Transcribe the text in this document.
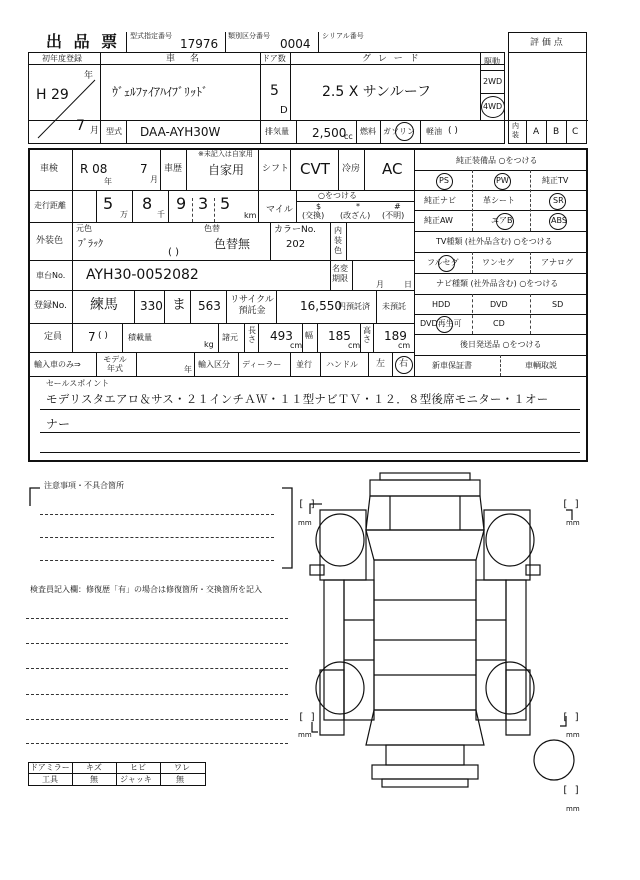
出 品 票 型式指定番号
17976
類別区分番号
0004
シリアル番号
評 価 点
初年度登録
年
H 29
7 月
車 名
ｳﾞｪﾙﾌｧｲｱﾊｲﾌﾞﾘｯﾄﾞ
ドア数
5
D
グ レ ー ド
2.5 X サンルーフ
駆動
2WD
4WD
型式 DAA-AYH30W	排気量 2,500
cc
燃料 ガソリン 軽油 ( )	内装 A B C
車検 R 08
年
7
月
車歴
※未記入は自家用
自家用 シフト CVT 冷房 AC
走行距離 5
万
8
千
9 3 5
km
マイル
○をつける
$
(交換)
*
(改ざん)
#
(不明)
外装色
元色
ﾌﾞﾗｯｸ
色替
色替無
( )
カラーNo.
202
内装色
車台No. AYH30-0052082	名変期限
月	日
登録No. 練馬 330 ま 563 リサイクル預託金	16,550
円預託済 未預託
定員 7 ( )	積載量
kg
諸元
長さ 493
cm
幅 185
cm
高さ 189
cm
輸入車のみ⇒
モデル年式	年
輸入区分 ディーラー 並行 ハンドル 左 右
純正装備品 ○をつける
PS	PW	純正TV
純正ナビ	革シート	SR
純正AW	エアB	ABS
TV種類 (社外品含む) ○をつける
フルセグ	ワンセグ	アナログ
ナビ種類 (社外品含む) ○をつける
HDD	DVD	SD
DVD再生可	CD
後日発送品 ○をつける
新車保証書	車輌取説
セールスポイント
モデリスタエアロ＆サス・２１インチＡＷ・１１型ナビＴＶ・１２．８型後席モニター・１オー
ナー
注意事項・不具合箇所
検査員記入欄：修復歴「有」の場合は修復箇所・交換箇所を記入
ドアミラー キズ	ヒビ	ワレ
工具	無	ジャッキ	無
[ ]
mm
[ ]
mm
[ ]
mm
[ ]
mm
[ ]
mm
